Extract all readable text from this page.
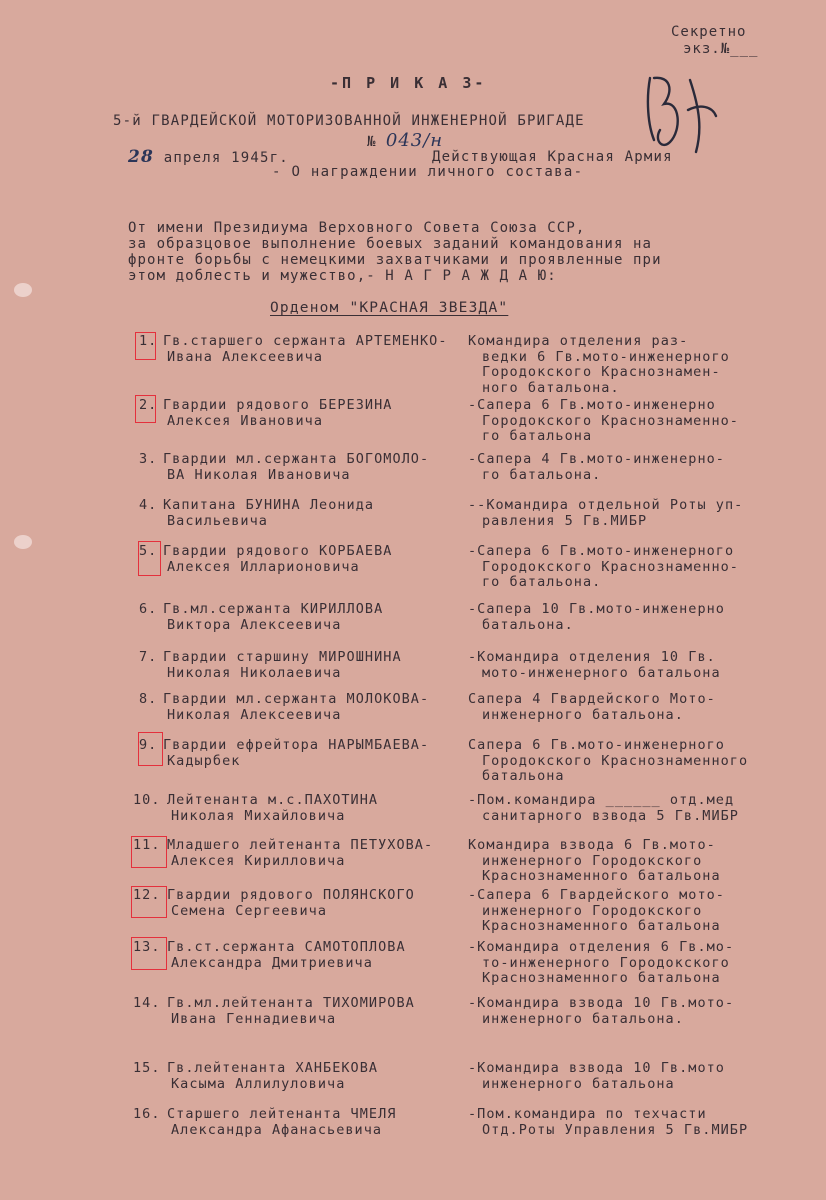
Секретно
экз.№___
-П Р И К А З-
5-й ГВАРДЕЙСКОЙ МОТОРИЗОВАННОЙ ИНЖЕНЕРНОЙ БРИГАДЕ
№ 043/н
28 апреля 1945г.	Действующая Красная Армия
- О награждении личного состава-
От имени Президиума Верховного Совета Союза ССР,
за образцовое выполнение боевых заданий командования на
фронте борьбы с немецкими захватчиками и проявленные при
этом доблесть и мужество,- Н А Г Р А Ж Д А Ю:
Орденом "КРАСНАЯ ЗВЕЗДА"
1. Гв.старшего сержанта АРТЕМЕНКО-
Ивана Алексеевича
Командира отделения раз-
ведки 6 Гв.мото-инженерного
Городокского Краснознамен-
ного батальона.
2. Гвардии рядового БЕРЕЗИНА
Алексея Ивановича
-Сапера 6 Гв.мото-инженерно
Городокского Краснознаменно-
го батальона
3. Гвардии мл.сержанта БОГОМОЛО-
ВА Николая Ивановича
-Сапера 4 Гв.мото-инженерно-
го батальона.
4. Капитана БУНИНА Леонида
Васильевича
--Командира отдельной Роты уп-
равления 5 Гв.МИБР
5. Гвардии рядового КОРБАЕВА
Алексея Илларионовича
-Сапера 6 Гв.мото-инженерного
Городокского Краснознаменно-
го батальона.
6. Гв.мл.сержанта КИРИЛЛОВА
Виктора Алексеевича
-Сапера 10 Гв.мото-инженерно
батальона.
7. Гвардии старшину МИРОШНИНА
Николая Николаевича
-Командира отделения 10 Гв.
мото-инженерного батальона
8. Гвардии мл.сержанта МОЛОКОВА-
Николая Алексеевича
Сапера 4 Гвардейского Мото-
инженерного батальона.
9. Гвардии ефрейтора НАРЫМБАЕВА-
Кадырбек
Сапера 6 Гв.мото-инженерного
Городокского Краснознаменного
батальона
10. Лейтенанта м.с.ПАХОТИНА
Николая Михайловича
-Пом.командира ______ отд.мед
санитарного взвода 5 Гв.МИБР
11. Младшего лейтенанта ПЕТУХОВА-
Алексея Кирилловича
Командира взвода 6 Гв.мото-
инженерного Городокского
Краснознаменного батальона
12. Гвардии рядового ПОЛЯНСКОГО
Семена Сергеевича
-Сапера 6 Гвардейского мото-
инженерного Городокского
Краснознаменного батальона
13. Гв.ст.сержанта САМОТОПЛОВА
Александра Дмитриевича
-Командира отделения 6 Гв.мо-
то-инженерного Городокского
Краснознаменного батальона
14. Гв.мл.лейтенанта ТИХОМИРОВА
Ивана Геннадиевича
-Командира взвода 10 Гв.мото-
инженерного батальона.
15. Гв.лейтенанта ХАНБЕКОВА
Касыма Аллилуловича
-Командира взвода 10 Гв.мото
инженерного батальона
16. Старшего лейтенанта ЧМЕЛЯ
Александра Афанасьевича
-Пом.командира по техчасти
Отд.Роты Управления 5 Гв.МИБР
